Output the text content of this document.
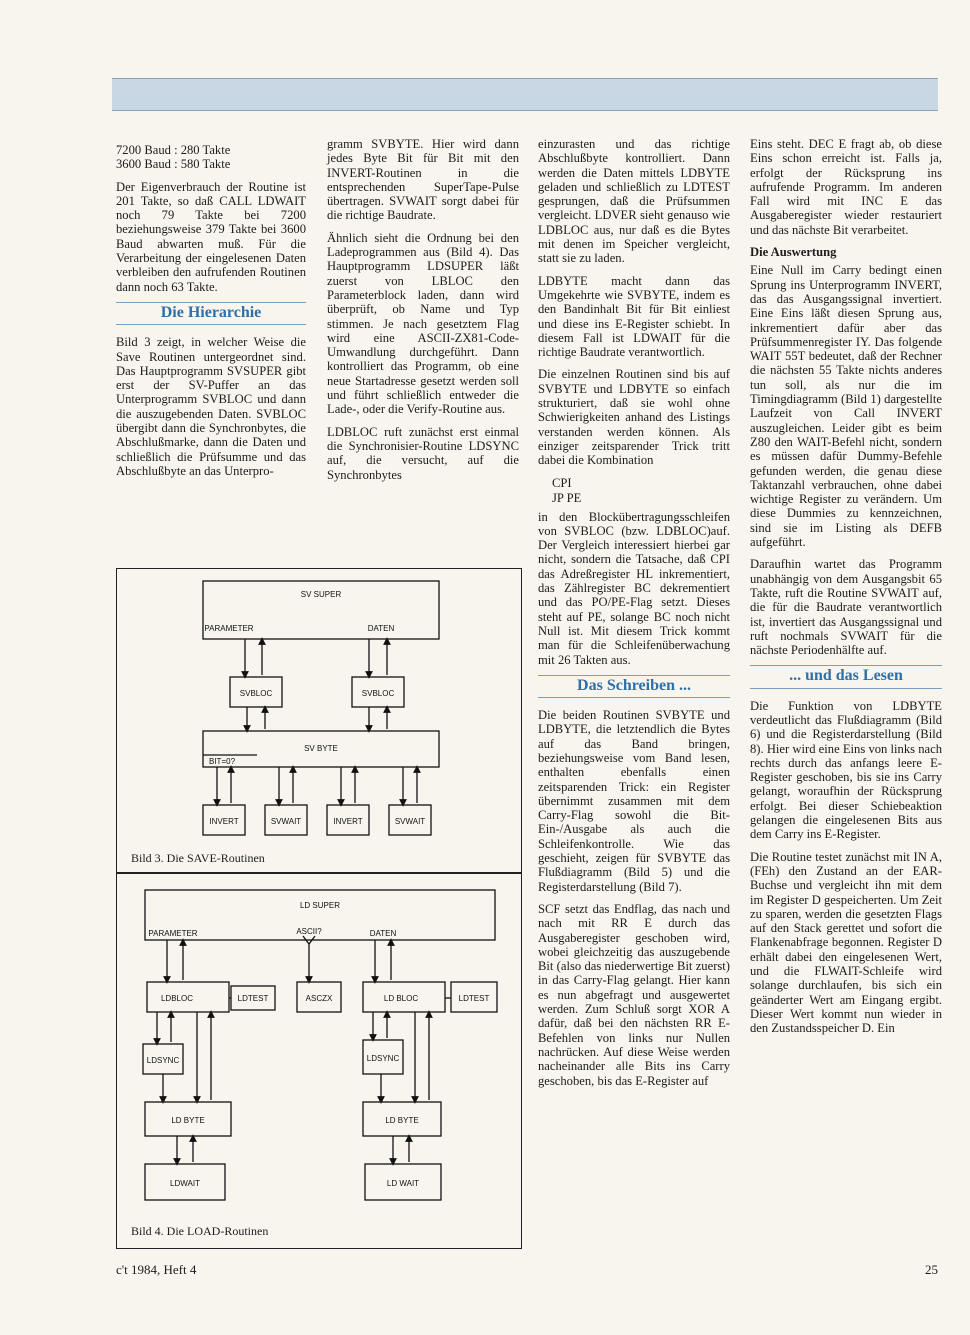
7200 Baud : 280 Takte
3600 Baud : 580 Takte

Der Eigenverbrauch der Routine ist 201 Takte, so daß CALL LDWAIT noch 79 Takte bei 7200 beziehungsweise 379 Takte bei 3600 Baud abwarten muß. Für die Verarbeitung der eingelesenen Daten verbleiben den aufrufenden Routinen dann noch 63 Takte.

Die Hierarchie

Bild 3 zeigt, in welcher Weise die Save Routinen untergeordnet sind. Das Hauptprogramm SVSUPER gibt erst der SV-Puffer an das Unterprogramm SVBLOC und dann die auszugebenden Daten. SVBLOC übergibt dann die Synchronbytes, die Abschlußmarke, dann die Daten und schließlich die Prüfsumme und das Abschlußbyte an das Unterpro-

gramm SVBYTE. Hier wird dann jedes Byte Bit für Bit mit den INVERT-Routinen in die entsprechenden SuperTape-Pulse übertragen. SVWAIT sorgt dabei für die richtige Baudrate.

Ähnlich sieht die Ordnung bei den Ladeprogrammen aus (Bild 4). Das Hauptprogramm LDSUPER läßt zuerst von LBLOC den Parameterblock laden, dann wird überprüft, ob Name und Typ stimmen. Je nach gesetztem Flag wird eine ASCII-ZX81-Code-Umwandlung durchgeführt. Dann kontrolliert das Programm, ob eine neue Startadresse gesetzt werden soll und führt schließlich entweder die Lade-, oder die Verify-Routine aus.

LDBLOC ruft zunächst erst einmal die Synchronisier-Routine LDSYNC auf, die versucht, auf die Synchronbytes

einzurasten und das richtige Abschlußbyte kontrolliert. Dann werden die Daten mittels LDBYTE geladen und schließlich zu LDTEST gesprungen, daß die Prüfsummen vergleicht. LDVER sieht genauso wie LDBLOC aus, nur daß es die Bytes mit denen im Speicher vergleicht, statt sie zu laden.

LDBYTE macht dann das Umgekehrte wie SVBYTE, indem es den Bandinhalt Bit für Bit einliest und diese ins E-Register schiebt. In diesem Fall ist LDWAIT für die richtige Baudrate verantwortlich.

Die einzelnen Routinen sind bis auf SVBYTE und LDBYTE so einfach strukturiert, daß sie wohl ohne Schwierigkeiten anhand des Listings verstanden werden können. Als einziger zeitsparender Trick tritt dabei die Kombination

CPI
JP PE

in den Blockübertragungsschleifen von SVBLOC (bzw. LDBLOC)auf. Der Vergleich interessiert hierbei gar nicht, sondern die Tatsache, daß CPI das Adreßregister HL inkrementiert, das Zählregister BC dekrementiert und das PO/PE-Flag setzt. Dieses steht auf PE, solange BC noch nicht Null ist. Mit diesem Trick kommt man für die Schleifenüberwachung mit 26 Takten aus.

Das Schreiben ...

Die beiden Routinen SVBYTE und LDBYTE, die letztendlich die Bytes auf das Band bringen, beziehungsweise vom Band lesen, enthalten ebenfalls einen zeitsparenden Trick: ein Register übernimmt zusammen mit dem Carry-Flag sowohl die Bit-Ein-/Ausgabe als auch die Schleifenkontrolle. Wie das geschieht, zeigen für SVBYTE das Flußdiagramm (Bild 5) und die Registerdarstellung (Bild 7).

SCF setzt das Endflag, das nach und nach mit RR E durch das Ausgaberegister geschoben wird, wobei gleichzeitig das auszugebende Bit (also das niederwertige Bit zuerst) in das Carry-Flag gelangt. Hier kann es nun abgefragt und ausgewertet werden. Zum Schluß sorgt XOR A dafür, daß bei den nächsten RR E-Befehlen von links nur Nullen nachrücken. Auf diese Weise werden nacheinander alle Bits ins Carry geschoben, bis das E-Register auf

Eins steht. DEC E fragt ab, ob diese Eins schon erreicht ist. Falls ja, erfolgt der Rücksprung ins aufrufende Programm. Im anderen Fall wird mit INC E das Ausgaberegister wieder restauriert und das nächste Bit verarbeitet.

Die Auswertung

Eine Null im Carry bedingt einen Sprung ins Unterprogramm INVERT, das das Ausgangssignal invertiert. Eine Eins läßt diesen Sprung aus, inkrementiert dafür aber das Prüfsummenregister IY. Das folgende WAIT 55T bedeutet, daß der Rechner die nächsten 55 Takte nichts anderes tun soll, als nur die im Timingdiagramm (Bild 1) dargestellte Laufzeit von Call INVERT auszugleichen. Leider gibt es beim Z80 den WAIT-Befehl nicht, sondern es müssen dafür Dummy-Befehle gefunden werden, die genau diese Taktanzahl verbrauchen, ohne dabei wichtige Register zu verändern. Um diese Dummies zu kennzeichnen, sind sie im Listing als DEFB aufgeführt.

Daraufhin wartet das Programm unabhängig von dem Ausgangsbit 65 Takte, ruft die Routine SVWAIT auf, die für die Baudrate verantwortlich ist, invertiert das Ausgangssignal und ruft nochmals SVWAIT für die nächste Periodenhälfte auf.

... und das Lesen

Die Funktion von LDBYTE verdeutlicht das Flußdiagramm (Bild 6) und die Registerdarstellung (Bild 8). Hier wird eine Eins von links nach rechts durch das anfangs leere E-Register geschoben, bis sie ins Carry gelangt, woraufhin der Rücksprung erfolgt. Bei dieser Schiebeaktion gelangen die eingelesenen Bits aus dem Carry ins E-Register.

Die Routine testet zunächst mit IN A,(FEh) den Zustand an der EAR-Buchse und vergleicht ihn mit dem im Register D gespeicherten. Um Zeit zu sparen, werden die gesetzten Flags auf den Stack gerettet und sofort die Flankenabfrage begonnen. Register D erhält dabei den eingelesenen Wert, und die FLWAIT-Schleife wird solange durchlaufen, bis sich ein geänderter Wert am Eingang ergibt. Dieser Wert kommt nun wieder in den Zustandsspeicher D. Ein

SV SUPER
PARAMETER	DATEN
SVBLOC	SVBLOC
SV BYTE
BIT=0?
INVERT	SVWAIT	INVERT	SVWAIT
Bild 3. Die SAVE-Routinen
LD SUPER
PARAMETER	ASCII?	DATEN
LDBLOC	LDTEST	ASCZX	LD BLOC	LDTEST
LDSYNC	LDSYNC
LD BYTE	LD BYTE
LDWAIT	LD WAIT
Bild 4. Die LOAD-Routinen
c't 1984, Heft 4	25
